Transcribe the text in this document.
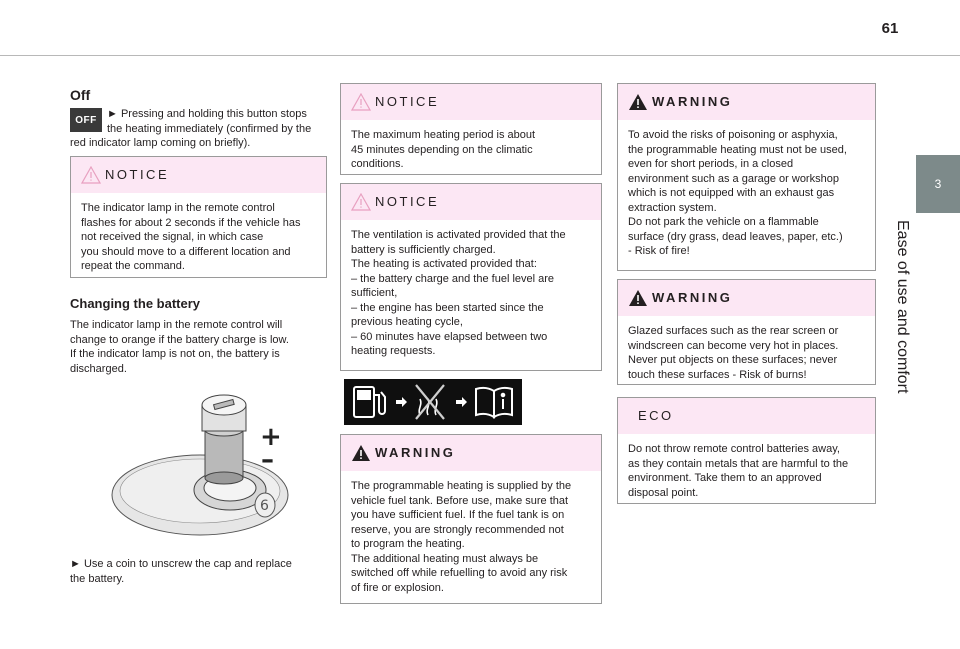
61
3
Ease of use and comfort
Off
OFF ► Pressing and holding this button stops

the heating immediately (confirmed by the

red indicator lamp coming on briefly).

NOTICE
The indicator lamp in the remote control
flashes for about 2 seconds if the vehicle has
not received the signal, in which case
you should move to a different location and
repeat the command.
Changing the battery

The indicator lamp in the remote control will

change to orange if the battery charge is low.

If the indicator lamp is not on, the battery is

discharged.

6
+
–

► Use a coin to unscrew the cap and replace

the battery.

NOTICE
The maximum heating period is about
45 minutes depending on the climatic
conditions.
NOTICE
The ventilation is activated provided that the
battery is sufficiently charged.
The heating is activated provided that:
– the battery charge and the fuel level are
sufficient,
– the engine has been started since the
previous heating cycle,
– 60 minutes have elapsed between two
heating requests.
WARNING
The programmable heating is supplied by the
vehicle fuel tank. Before use, make sure that
you have sufficient fuel. If the fuel tank is on
reserve, you are strongly recommended not
to program the heating.
The additional heating must always be
switched off while refuelling to avoid any risk
of fire or explosion.
WARNING
To avoid the risks of poisoning or asphyxia,
the programmable heating must not be used,
even for short periods, in a closed
environment such as a garage or workshop
which is not equipped with an exhaust gas
extraction system.
Do not park the vehicle on a flammable
surface (dry grass, dead leaves, paper, etc.)
- Risk of fire!
WARNING
Glazed surfaces such as the rear screen or
windscreen can become very hot in places.
Never put objects on these surfaces; never
touch these surfaces - Risk of burns!
ECO
Do not throw remote control batteries away,
as they contain metals that are harmful to the
environment. Take them to an approved
disposal point.
